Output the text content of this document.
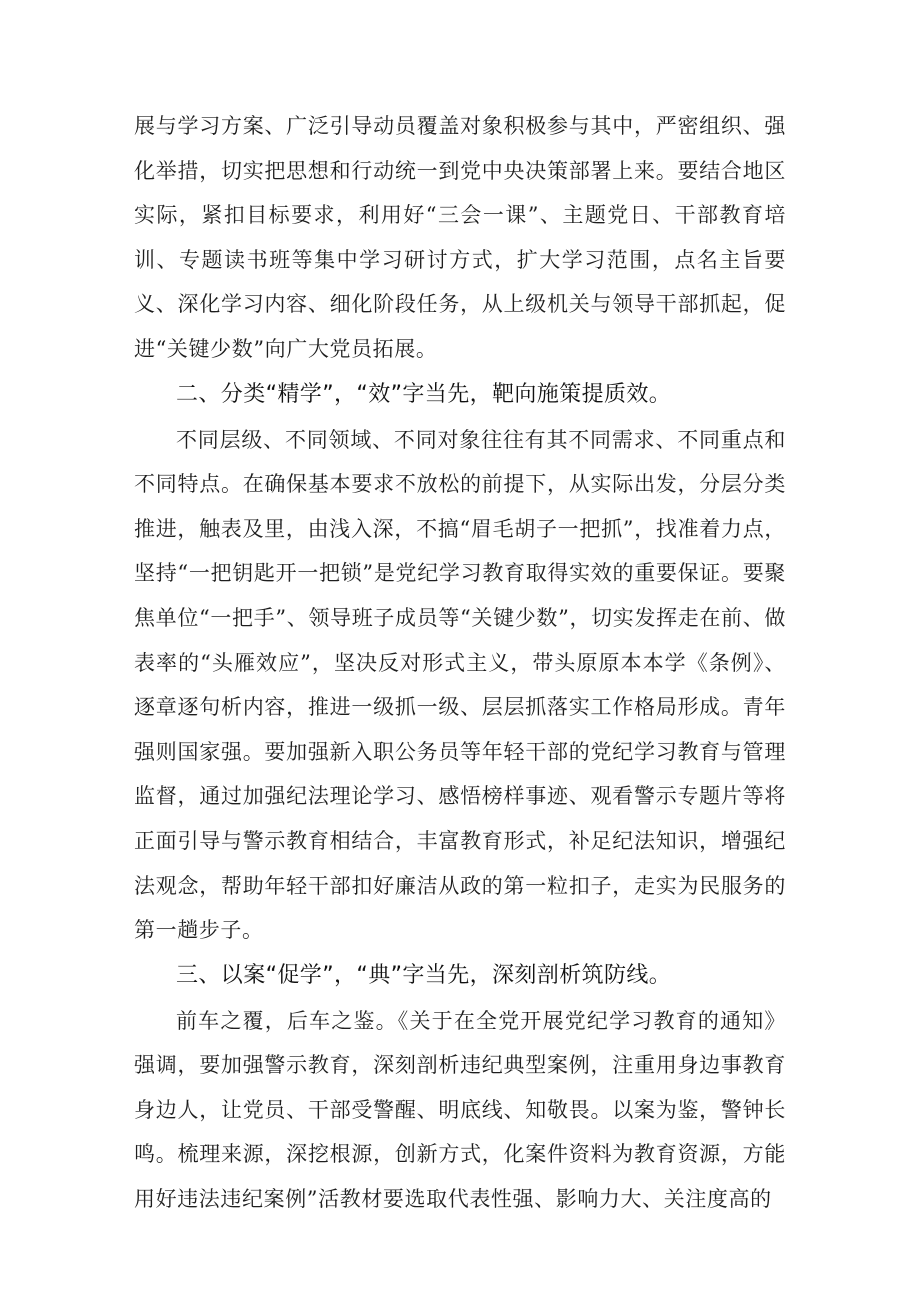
展与学习方案、广泛引导动员覆盖对象积极参与其中，严密组织、强化举措，切实把思想和行动统一到党中央决策部署上来。要结合地区实际，紧扣目标要求，利用好“三会一课”、主题党日、干部教育培训、专题读书班等集中学习研讨方式，扩大学习范围，点名主旨要义、深化学习内容、细化阶段任务，从上级机关与领导干部抓起，促进“关键少数”向广大党员拓展。

二、分类“精学”，“效”字当先，靶向施策提质效。

不同层级、不同领域、不同对象往往有其不同需求、不同重点和不同特点。在确保基本要求不放松的前提下，从实际出发，分层分类推进，触表及里，由浅入深，不搞“眉毛胡子一把抓”，找准着力点，坚持“一把钥匙开一把锁”是党纪学习教育取得实效的重要保证。要聚焦单位“一把手”、领导班子成员等“关键少数”，切实发挥走在前、做表率的“头雁效应”，坚决反对形式主义，带头原原本本学《条例》、逐章逐句析内容，推进一级抓一级、层层抓落实工作格局形成。青年强则国家强。要加强新入职公务员等年轻干部的党纪学习教育与管理监督，通过加强纪法理论学习、感悟榜样事迹、观看警示专题片等将正面引导与警示教育相结合，丰富教育形式，补足纪法知识，增强纪法观念，帮助年轻干部扣好廉洁从政的第一粒扣子，走实为民服务的第一趟步子。

三、以案“促学”，“典”字当先，深刻剖析筑防线。

前车之覆，后车之鉴。《关于在全党开展党纪学习教育的通知》强调，要加强警示教育，深刻剖析违纪典型案例，注重用身边事教育身边人，让党员、干部受警醒、明底线、知敬畏。以案为鉴，警钟长鸣。梳理来源，深挖根源，创新方式，化案件资料为教育资源，方能用好违法违纪案例”活教材要选取代表性强、影响力大、关注度高的
